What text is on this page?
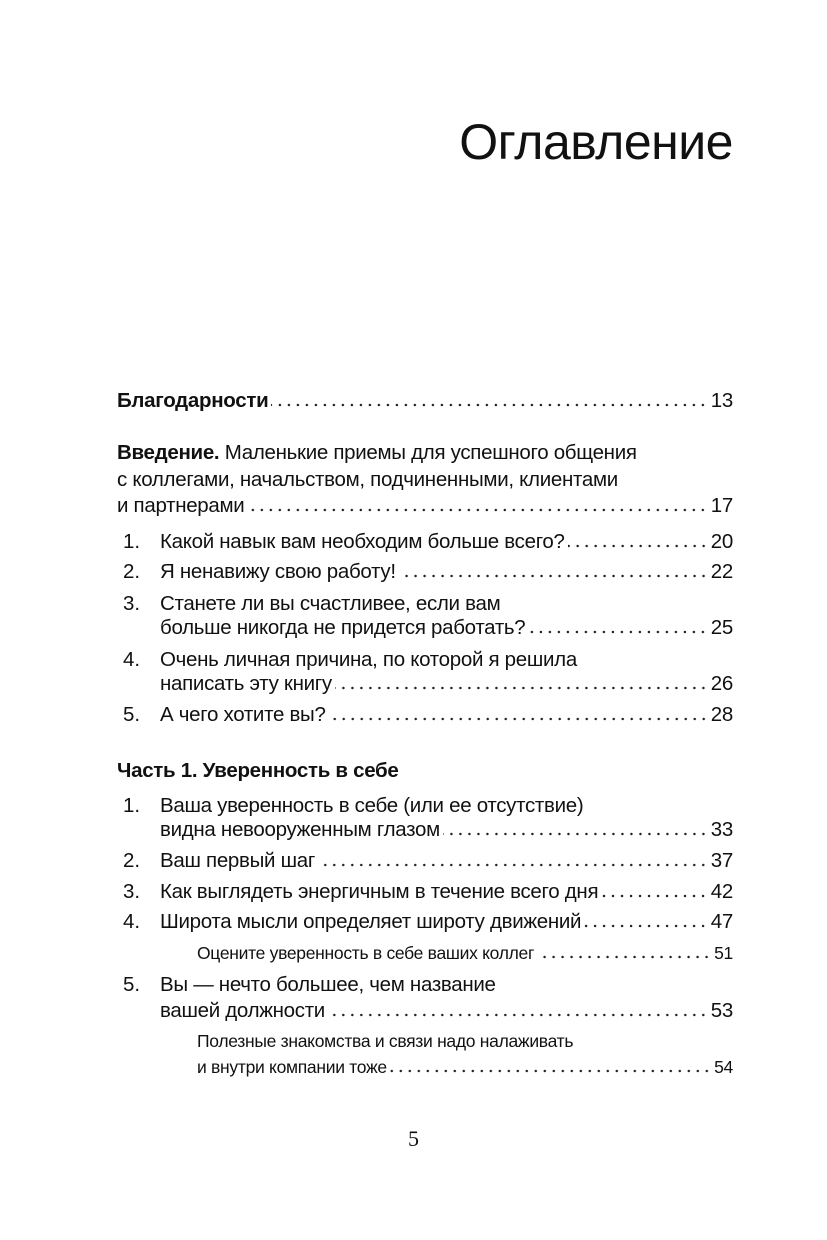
Оглавление
Благодарности	13
Введение.
Маленькие приемы для успешного общения
с коллегами, начальством, подчиненными, клиентами
и партнерами	17
1. Какой навык вам необходим больше всего?	20
2. Я ненавижу свою работу!	22
3. Станете ли вы счастливее, если вам
больше никогда не придется работать?	25
4. Очень личная причина, по которой я решила
написать эту книгу	26
5. А чего хотите вы?	28
Часть 1. Уверенность в себе
1. Ваша уверенность в себе (или ее отсутствие)
видна невооруженным глазом	33
2. Ваш первый шаг	37
3. Как выглядеть энергичным в течение всего дня	42
4. Широта мысли определяет широту движений	47
Оцените уверенность в себе ваших коллег	51
5. Вы — нечто большее, чем название
вашей должности	53
Полезные знакомства и связи надо налаживать
и внутри компании тоже	54
5
